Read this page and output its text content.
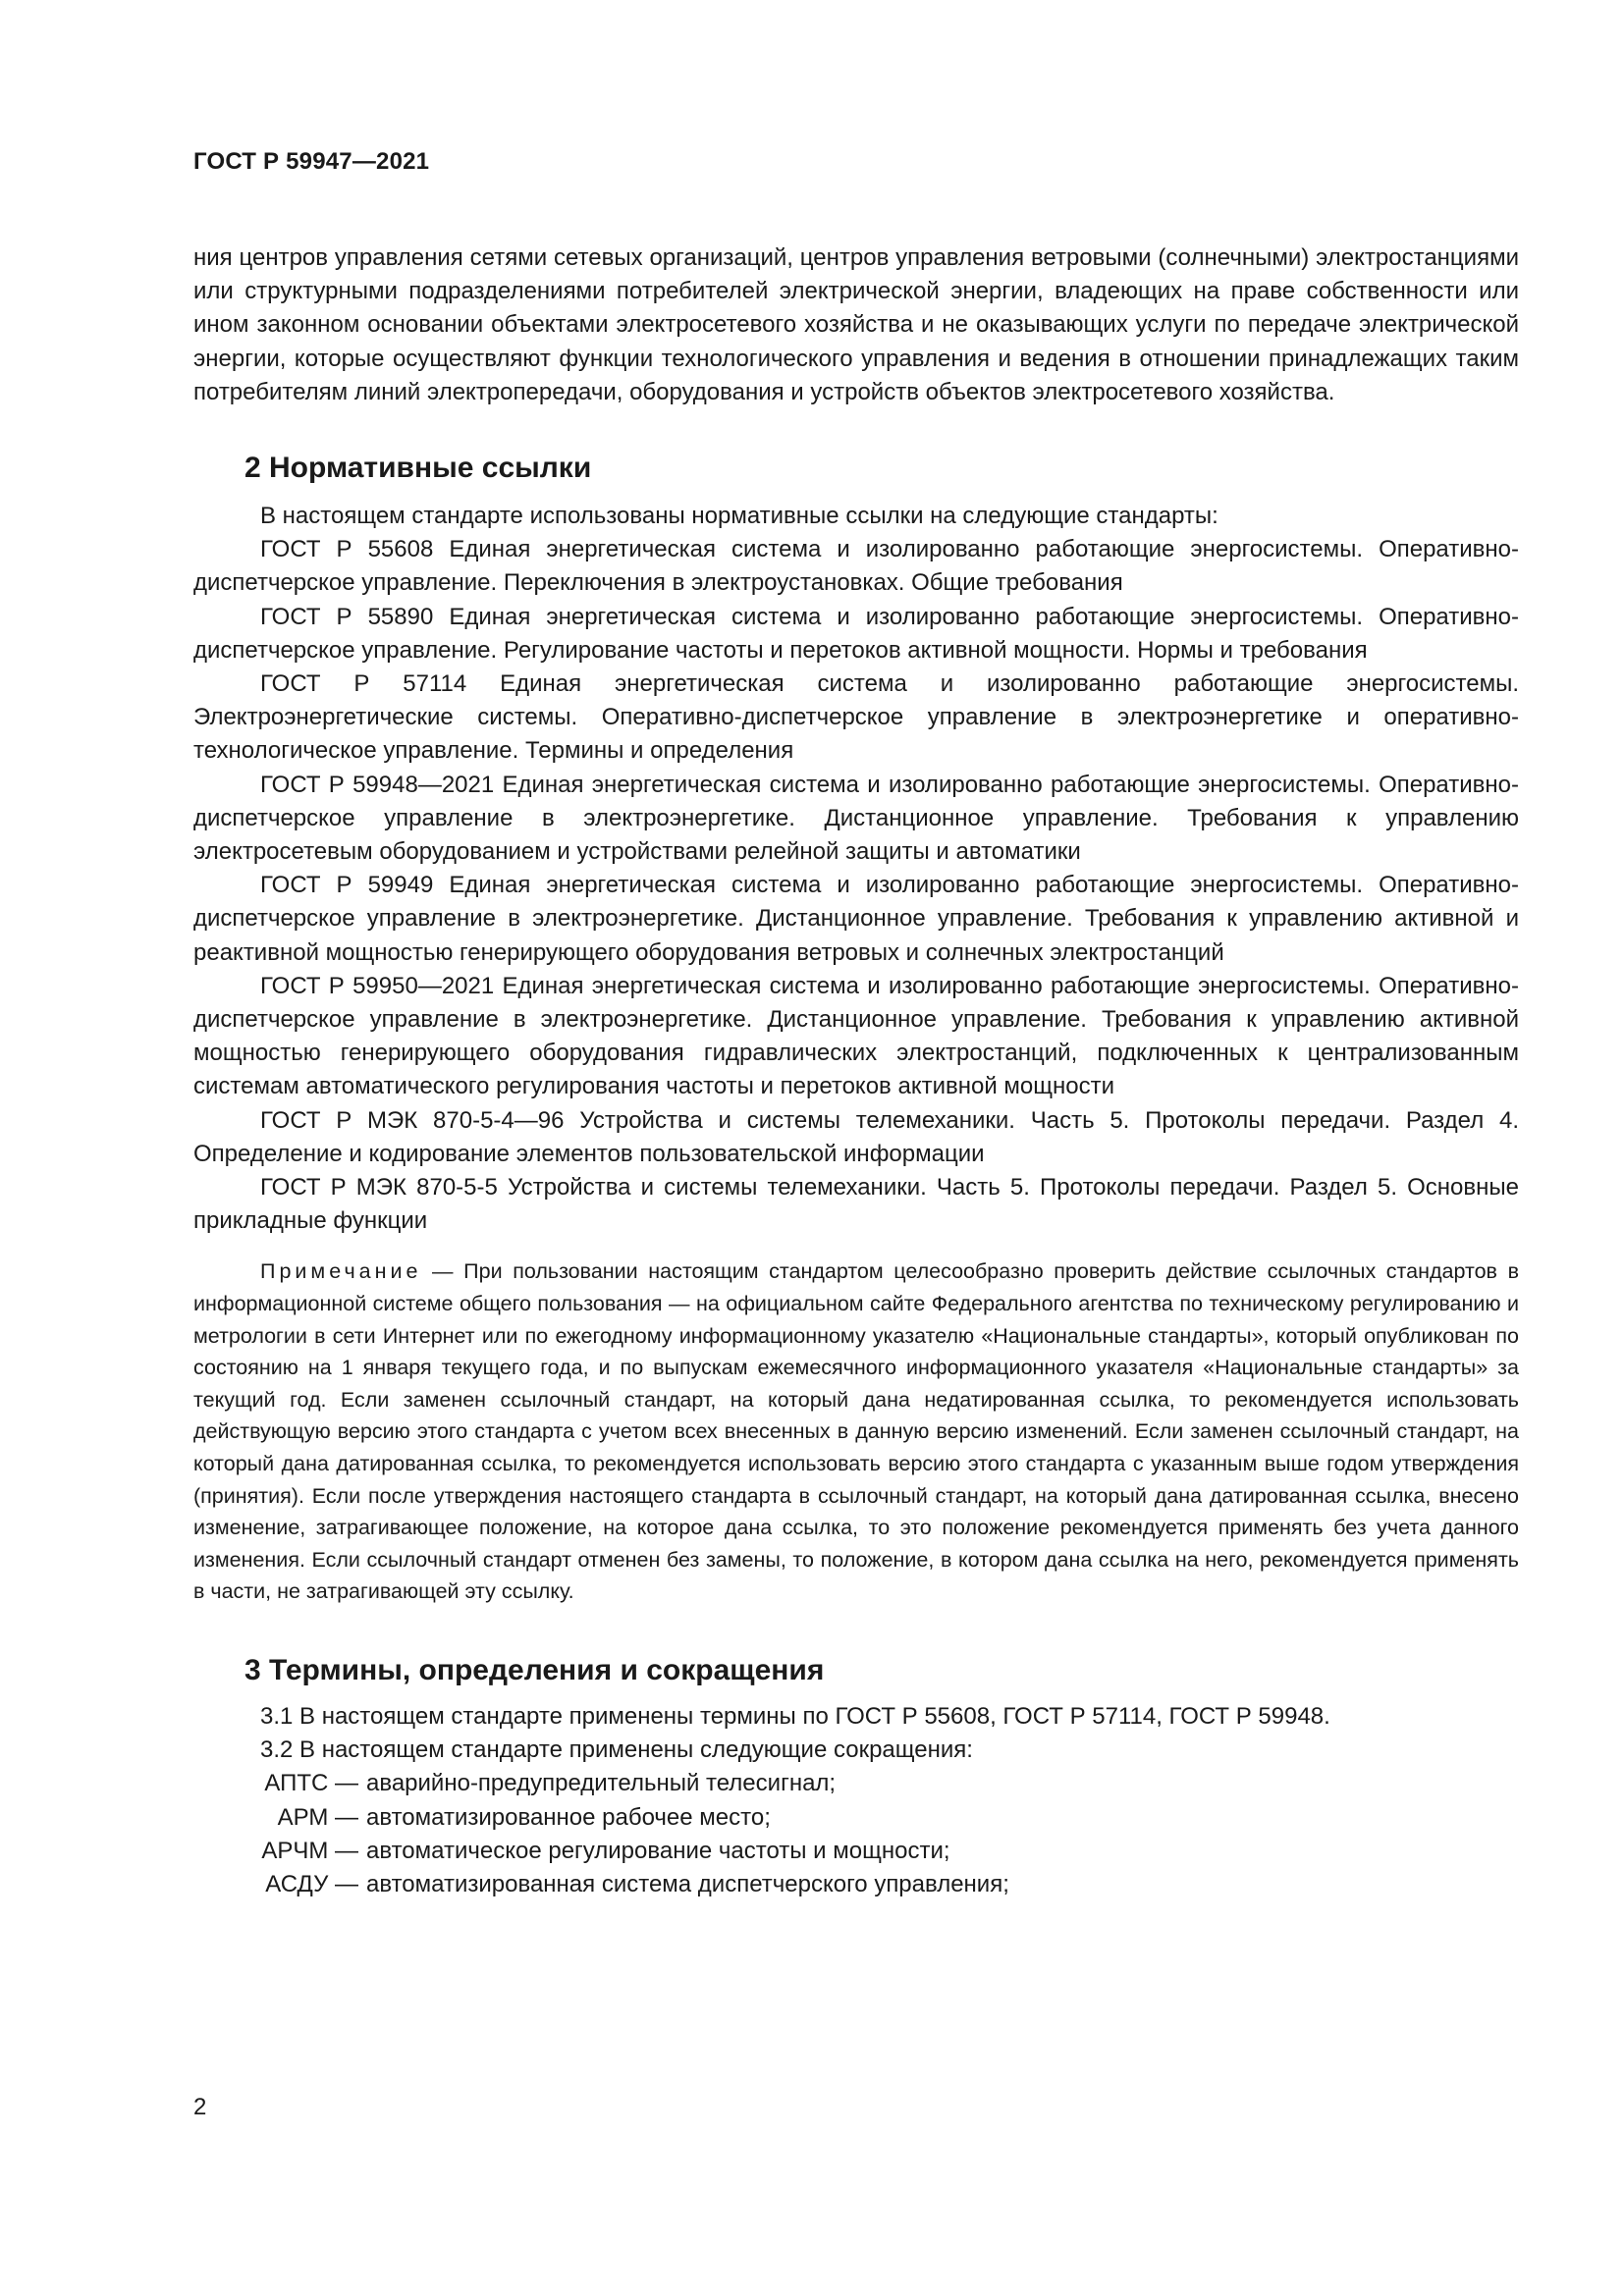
ГОСТ Р 59947—2021

ния центров управления сетями сетевых организаций, центров управления ветровыми (солнечными) электростанциями или структурными подразделениями потребителей электрической энергии, владеющих на праве собственности или ином законном основании объектами электросетевого хозяйства и не оказывающих услуги по передаче электрической энергии, которые осуществляют функции технологического управления и ведения в отношении принадлежащих таким потребителям линий электропередачи, оборудования и устройств объектов электросетевого хозяйства.

2 Нормативные ссылки

В настоящем стандарте использованы нормативные ссылки на следующие стандарты:

ГОСТ Р 55608 Единая энергетическая система и изолированно работающие энергосистемы. Оперативно-диспетчерское управление. Переключения в электроустановках. Общие требования

ГОСТ Р 55890 Единая энергетическая система и изолированно работающие энергосистемы. Оперативно-диспетчерское управление. Регулирование частоты и перетоков активной мощности. Нормы и требования

ГОСТ Р 57114 Единая энергетическая система и изолированно работающие энергосистемы. Электроэнергетические системы. Оперативно-диспетчерское управление в электроэнергетике и оперативно-технологическое управление. Термины и определения

ГОСТ Р 59948—2021 Единая энергетическая система и изолированно работающие энергосистемы. Оперативно-диспетчерское управление в электроэнергетике. Дистанционное управление. Требования к управлению электросетевым оборудованием и устройствами релейной защиты и автоматики

ГОСТ Р 59949 Единая энергетическая система и изолированно работающие энергосистемы. Оперативно-диспетчерское управление в электроэнергетике. Дистанционное управление. Требования к управлению активной и реактивной мощностью генерирующего оборудования ветровых и солнечных электростанций

ГОСТ Р 59950—2021 Единая энергетическая система и изолированно работающие энергосистемы. Оперативно-диспетчерское управление в электроэнергетике. Дистанционное управление. Требования к управлению активной мощностью генерирующего оборудования гидравлических электростанций, подключенных к централизованным системам автоматического регулирования частоты и перетоков активной мощности

ГОСТ Р МЭК 870-5-4—96 Устройства и системы телемеханики. Часть 5. Протоколы передачи. Раздел 4. Определение и кодирование элементов пользовательской информации

ГОСТ Р МЭК 870-5-5 Устройства и системы телемеханики. Часть 5. Протоколы передачи. Раздел 5. Основные прикладные функции

Примечание — При пользовании настоящим стандартом целесообразно проверить действие ссылочных стандартов в информационной системе общего пользования — на официальном сайте Федерального агентства по техническому регулированию и метрологии в сети Интернет или по ежегодному информационному указателю «Национальные стандарты», который опубликован по состоянию на 1 января текущего года, и по выпускам ежемесячного информационного указателя «Национальные стандарты» за текущий год. Если заменен ссылочный стандарт, на который дана недатированная ссылка, то рекомендуется использовать действующую версию этого стандарта с учетом всех внесенных в данную версию изменений. Если заменен ссылочный стандарт, на который дана датированная ссылка, то рекомендуется использовать версию этого стандарта с указанным выше годом утверждения (принятия). Если после утверждения настоящего стандарта в ссылочный стандарт, на который дана датированная ссылка, внесено изменение, затрагивающее положение, на которое дана ссылка, то это положение рекомендуется применять без учета данного изменения. Если ссылочный стандарт отменен без замены, то положение, в котором дана ссылка на него, рекомендуется применять в части, не затрагивающей эту ссылку.

3 Термины, определения и сокращения

3.1 В настоящем стандарте применены термины по ГОСТ Р 55608, ГОСТ Р 57114, ГОСТ Р 59948.

3.2 В настоящем стандарте применены следующие сокращения:

АПТС — аварийно-предупредительный телесигнал;
АРМ — автоматизированное рабочее место;
АРЧМ — автоматическое регулирование частоты и мощности;
АСДУ — автоматизированная система диспетчерского управления;
2
